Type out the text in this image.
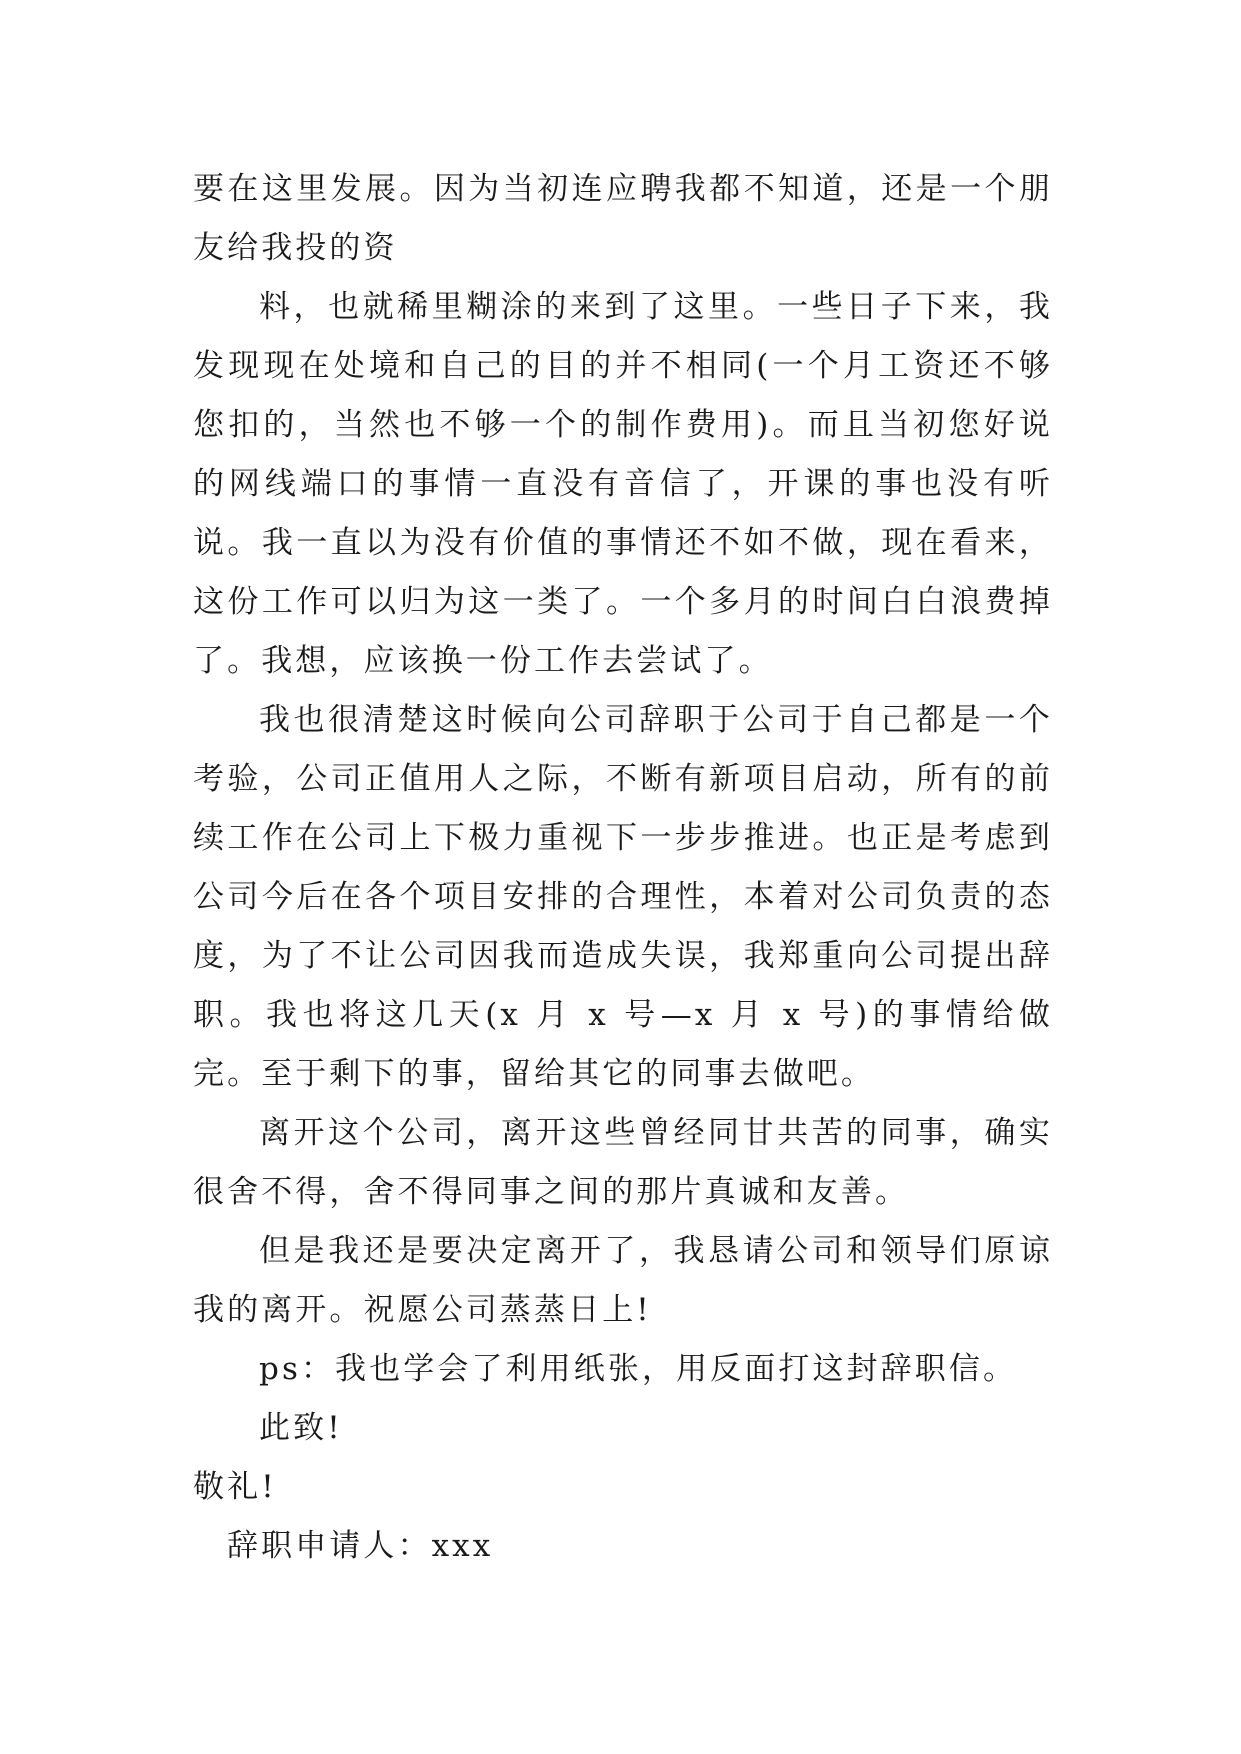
要在这里发展。因为当初连应聘我都不知道，还是一个朋友给我投的资

料，也就稀里糊涂的来到了这里。一些日子下来，我发现现在处境和自己的目的并不相同(一个月工资还不够您扣的，当然也不够一个的制作费用)。而且当初您好说的网线端口的事情一直没有音信了，开课的事也没有听说。我一直以为没有价值的事情还不如不做，现在看来，这份工作可以归为这一类了。一个多月的时间白白浪费掉了。我想，应该换一份工作去尝试了。

我也很清楚这时候向公司辞职于公司于自己都是一个考验，公司正值用人之际，不断有新项目启动，所有的前续工作在公司上下极力重视下一步步推进。也正是考虑到公司今后在各个项目安排的合理性，本着对公司负责的态度，为了不让公司因我而造成失误，我郑重向公司提出辞职。我也将这几天(x 月 x 号—x 月 x 号)的事情给做完。至于剩下的事，留给其它的同事去做吧。

离开这个公司，离开这些曾经同甘共苦的同事，确实很舍不得，舍不得同事之间的那片真诚和友善。

但是我还是要决定离开了，我恳请公司和领导们原谅我的离开。祝愿公司蒸蒸日上!

ps：我也学会了利用纸张，用反面打这封辞职信。

此致!

敬礼!

辞职申请人：xxx
